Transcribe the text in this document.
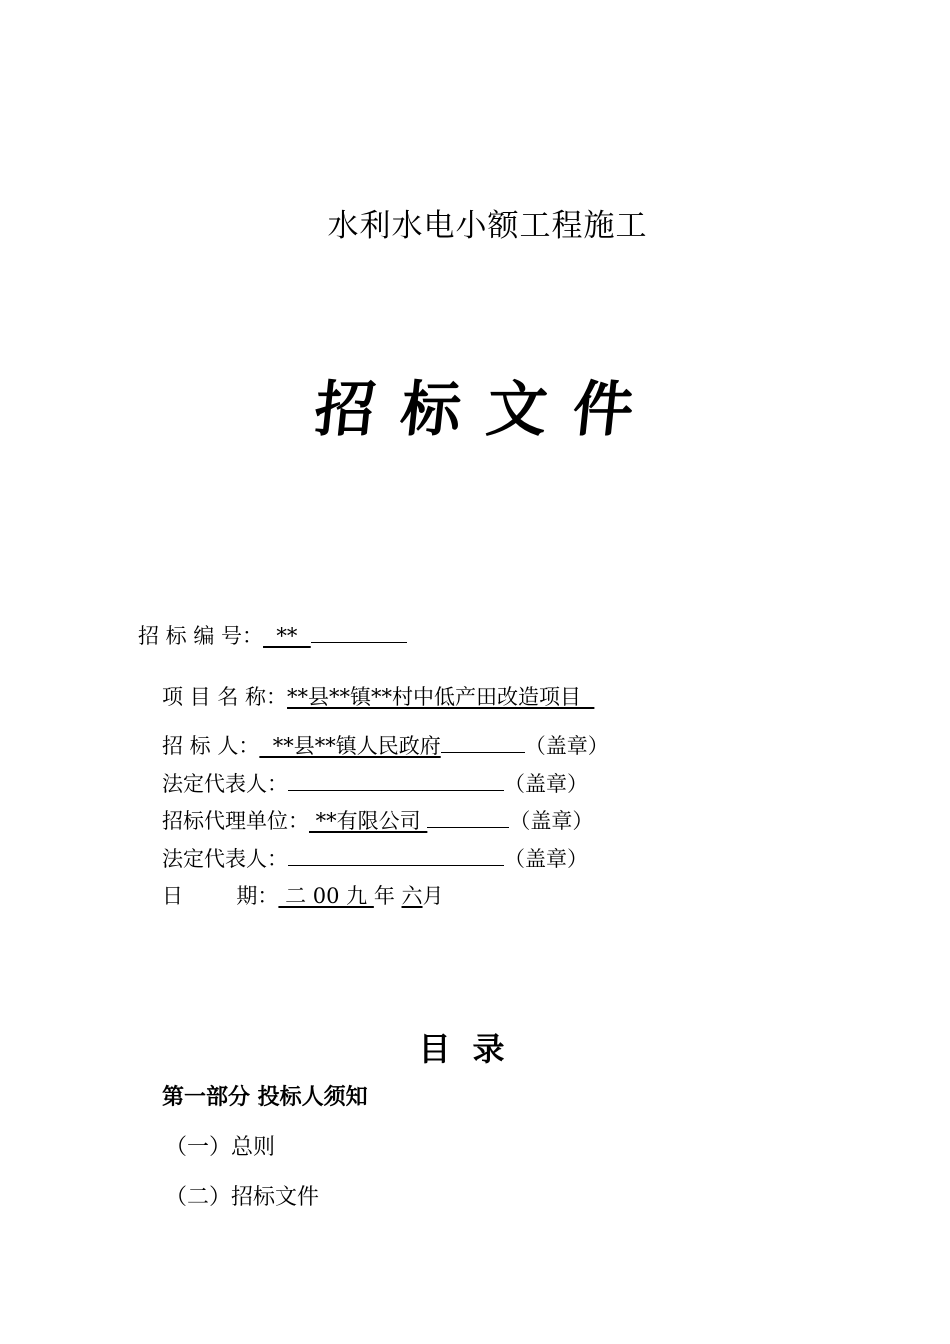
水利水电小额工程施工
招标文件
招 标 编 号：  **
项 目 名 称：**县**镇**村中低产田改造项目
招 标 人：  **县**镇人民政府	（盖章）
法定代表人：	（盖章）
招标代理单位： **有限公司	（盖章）
法定代表人：	（盖章）
日        期： 二 00 九 年 六月
目录
第一部分 投标人须知
（一）总则
（二）招标文件
